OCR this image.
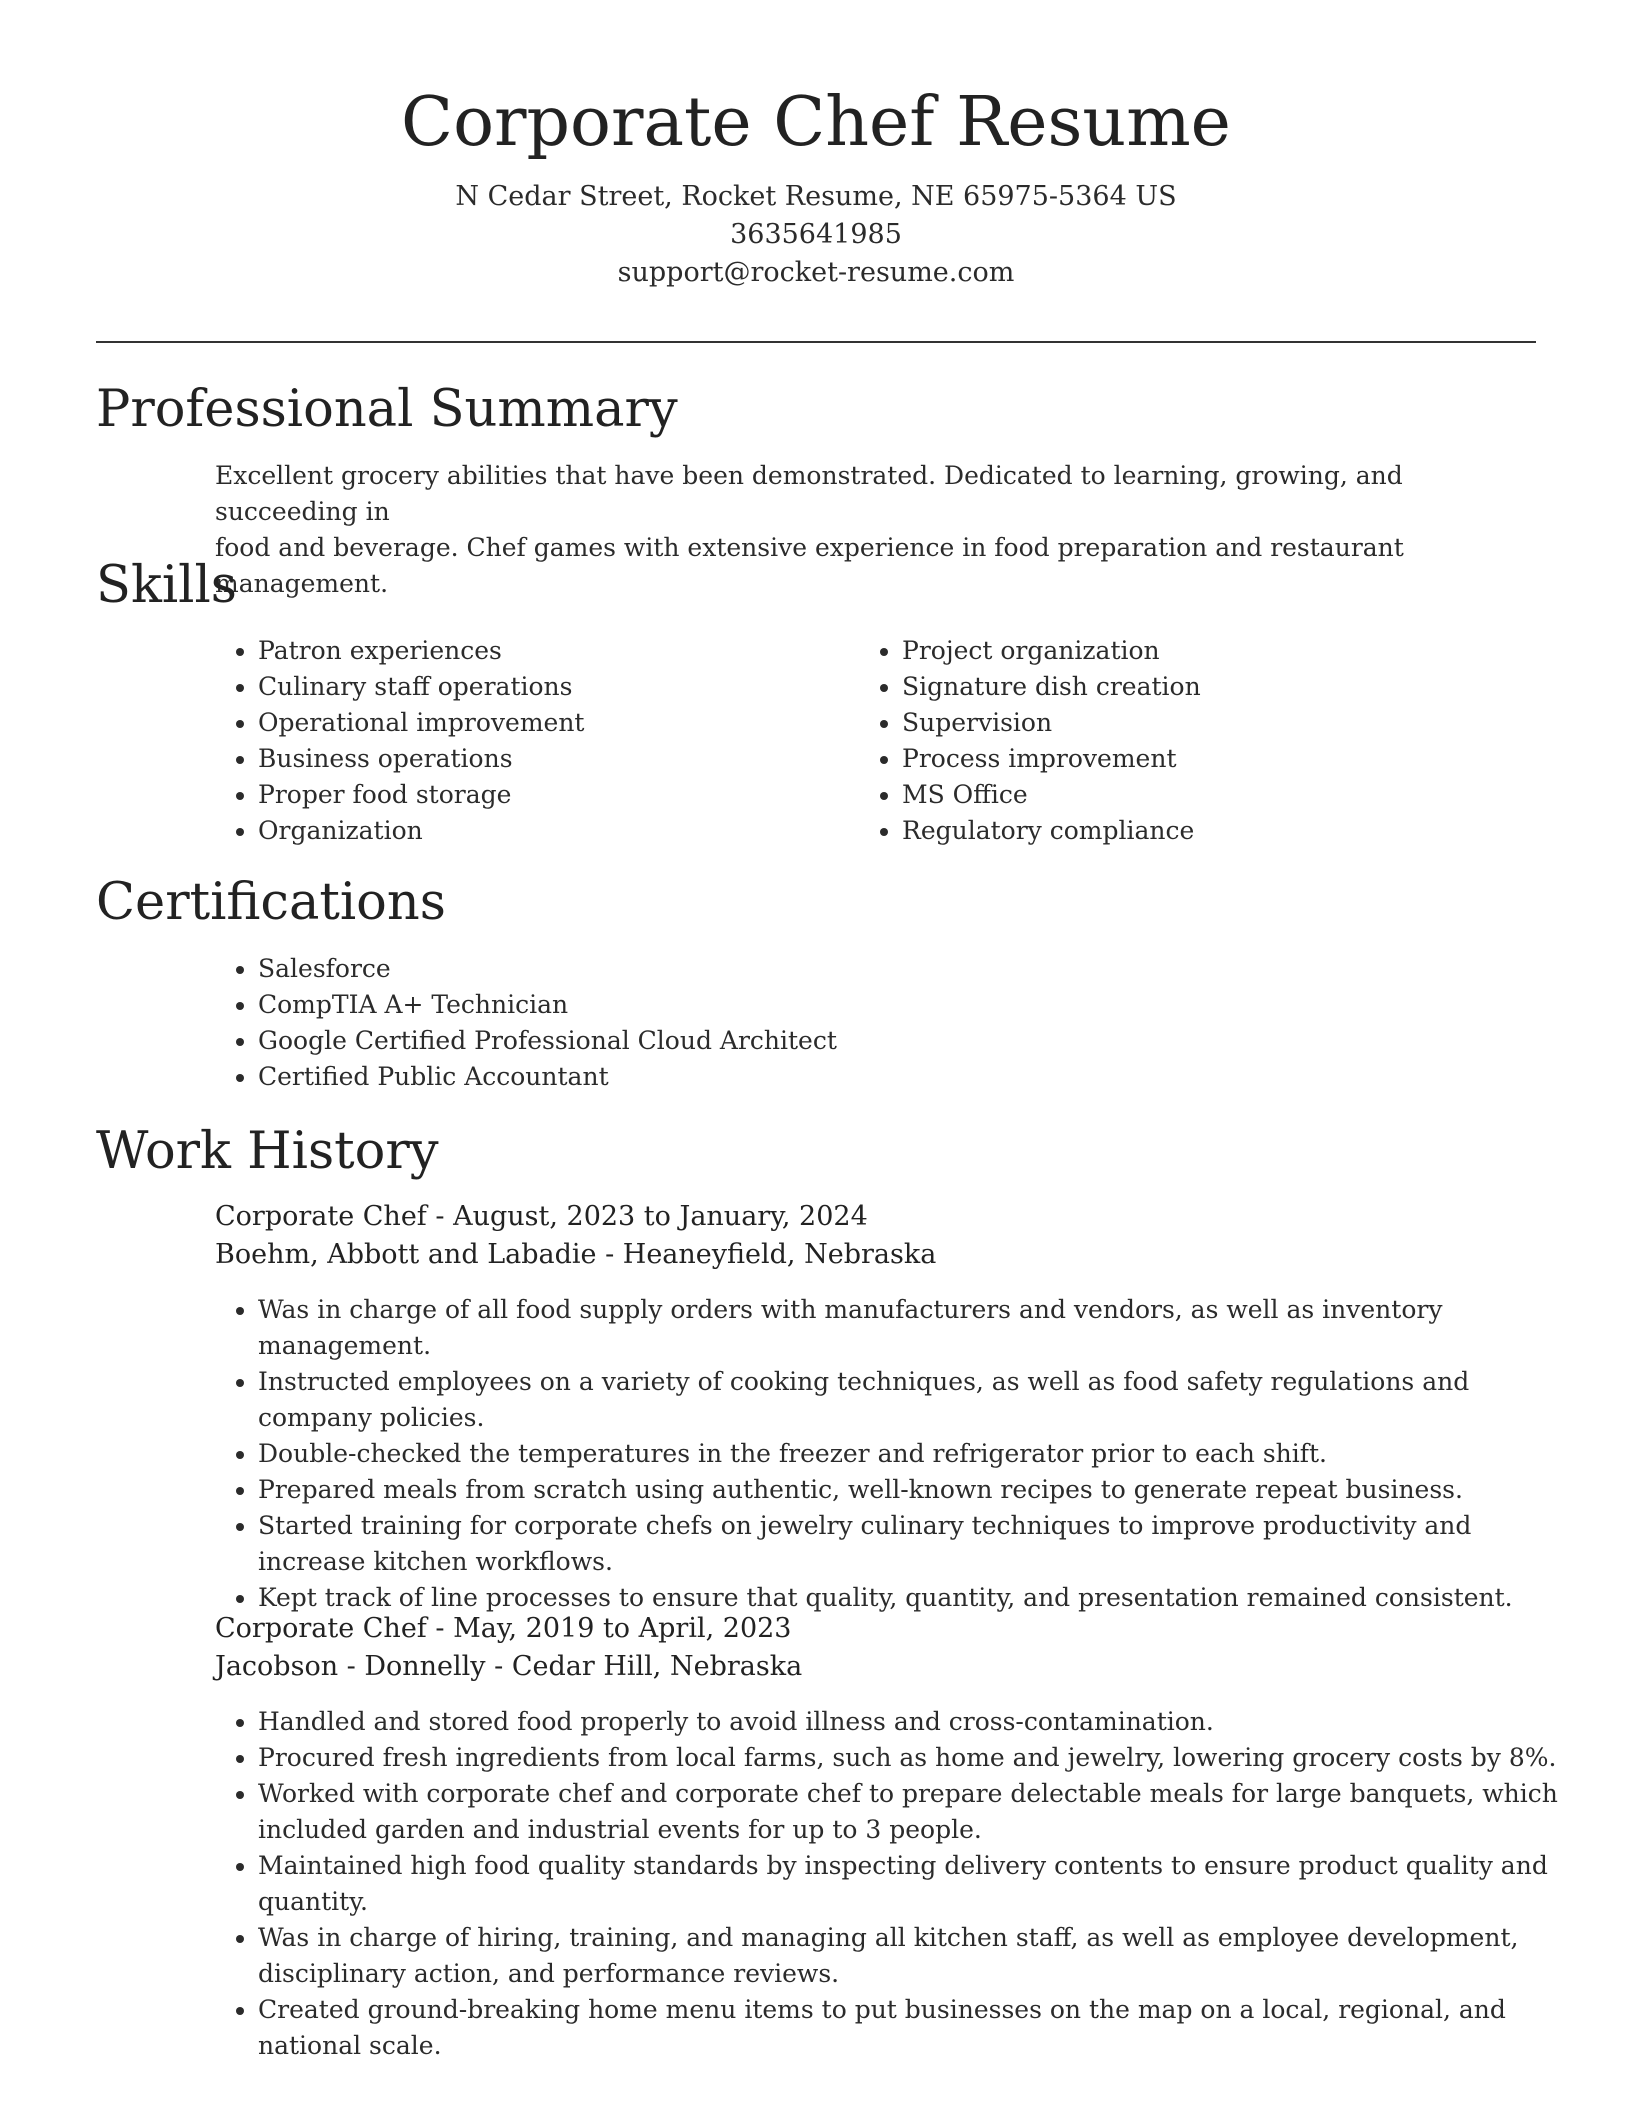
Corporate Chef Resume
N Cedar Street, Rocket Resume, NE 65975-5364 US
3635641985
support@rocket-resume.com
Professional Summary
Excellent grocery abilities that have been demonstrated. Dedicated to learning, growing, and succeeding in
food and beverage. Chef games with extensive experience in food preparation and restaurant management.
Skills
• Patron experiences
• Culinary staff operations
• Operational improvement
• Business operations
• Proper food storage
• Organization
• Project organization
• Signature dish creation
• Supervision
• Process improvement
• MS Office
• Regulatory compliance
Certifications
• Salesforce
• CompTIA A+ Technician
• Google Certified Professional Cloud Architect
• Certified Public Accountant
Work History
Corporate Chef - August, 2023 to January, 2024
Boehm, Abbott and Labadie - Heaneyfield, Nebraska
• Was in charge of all food supply orders with manufacturers and vendors, as well as inventory management.
• Instructed employees on a variety of cooking techniques, as well as food safety regulations and company policies.
• Double-checked the temperatures in the freezer and refrigerator prior to each shift.
• Prepared meals from scratch using authentic, well-known recipes to generate repeat business.
• Started training for corporate chefs on jewelry culinary techniques to improve productivity and increase kitchen workflows.
• Kept track of line processes to ensure that quality, quantity, and presentation remained consistent.
Corporate Chef - May, 2019 to April, 2023
Jacobson - Donnelly - Cedar Hill, Nebraska
• Handled and stored food properly to avoid illness and cross-contamination.
• Procured fresh ingredients from local farms, such as home and jewelry, lowering grocery costs by 8%.
• Worked with corporate chef and corporate chef to prepare delectable meals for large banquets, which included garden and industrial events for up to 3 people.
• Maintained high food quality standards by inspecting delivery contents to ensure product quality and quantity.
• Was in charge of hiring, training, and managing all kitchen staff, as well as employee development, disciplinary action, and performance reviews.
• Created ground-breaking home menu items to put businesses on the map on a local, regional, and national scale.
